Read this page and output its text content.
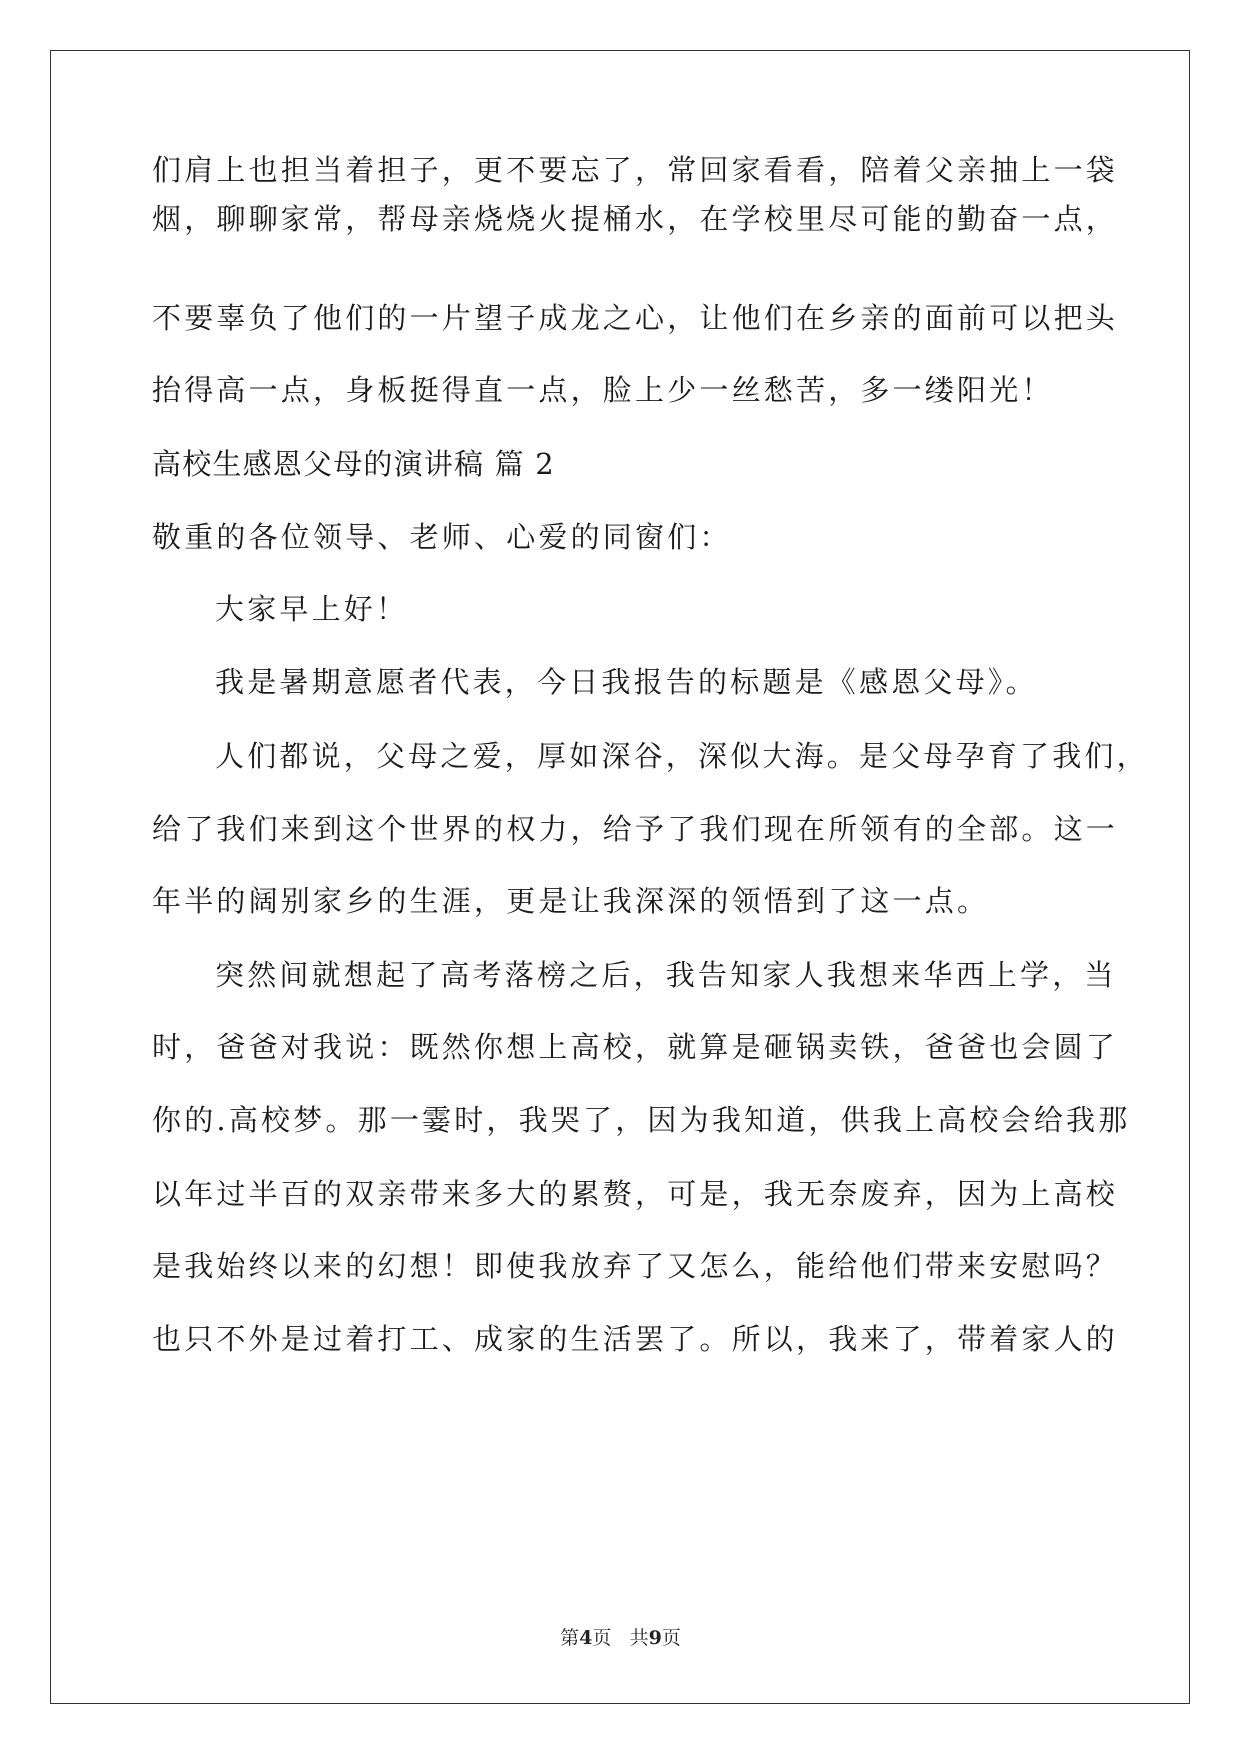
们肩上也担当着担子，更不要忘了，常回家看看，陪着父亲抽上一袋
烟，聊聊家常，帮母亲烧烧火提桶水，在学校里尽可能的勤奋一点，
不要辜负了他们的一片望子成龙之心，让他们在乡亲的面前可以把头
抬得高一点，身板挺得直一点，脸上少一丝愁苦，多一缕阳光！
高校生感恩父母的演讲稿 篇 2
敬重的各位领导、老师、心爱的同窗们：
大家早上好！
我是暑期意愿者代表，今日我报告的标题是《感恩父母》。
人们都说，父母之爱，厚如深谷，深似大海。是父母孕育了我们，
给了我们来到这个世界的权力，给予了我们现在所领有的全部。这一
年半的阔别家乡的生涯，更是让我深深的领悟到了这一点。
突然间就想起了高考落榜之后，我告知家人我想来华西上学，当
时，爸爸对我说：既然你想上高校，就算是砸锅卖铁，爸爸也会圆了
你的.高校梦。那一霎时，我哭了，因为我知道，供我上高校会给我那
以年过半百的双亲带来多大的累赘，可是，我无奈废弃，因为上高校
是我始终以来的幻想！即使我放弃了又怎么，能给他们带来安慰吗？
也只不外是过着打工、成家的生活罢了。所以，我来了，带着家人的
第4页 共9页
